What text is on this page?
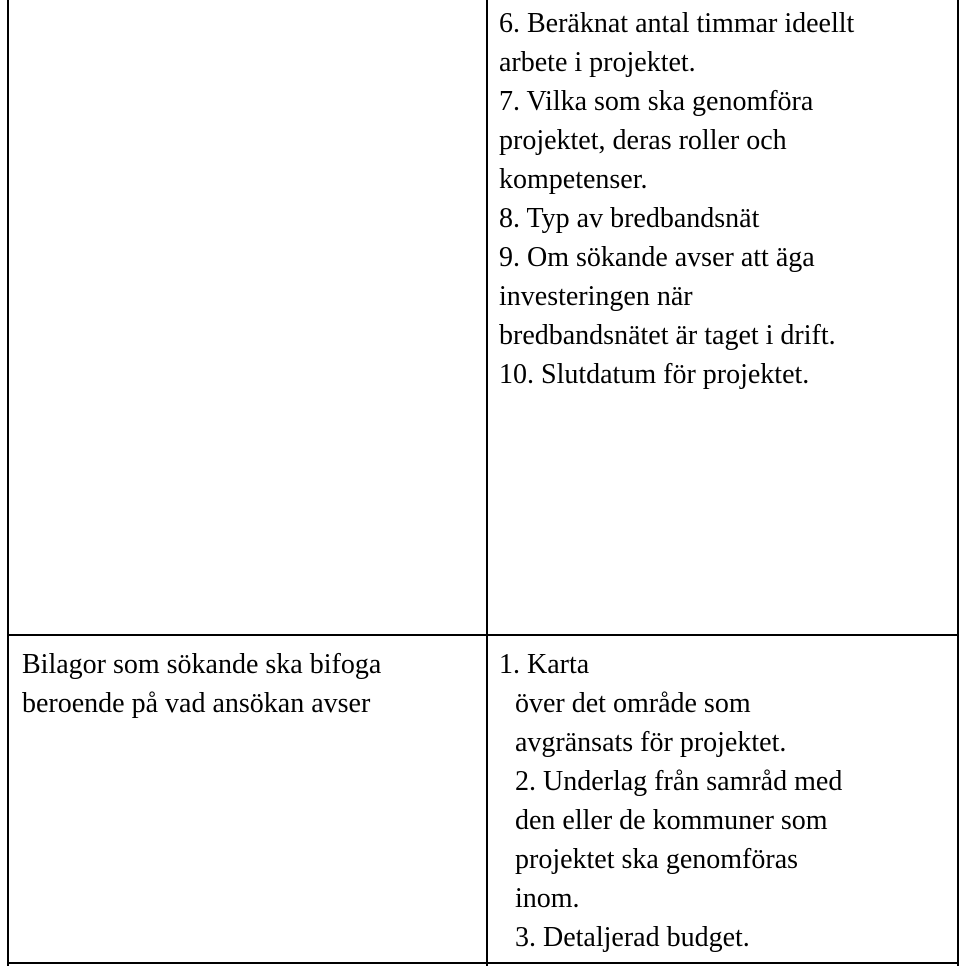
6. Beräknat antal timmar ideellt
arbete i projektet.
7. Vilka som ska genomföra
projektet, deras roller och
kompetenser.
8. Typ av bredbandsnät
9. Om sökande avser att äga
investeringen när
bredbandsnätet är taget i drift.
10. Slutdatum för projektet.
Bilagor som sökande ska bifoga
beroende på vad ansökan avser
1. Karta
över det område som
avgränsats för projektet.
2. Underlag från samråd med
den eller de kommuner som
projektet ska genomföras
inom.
3. Detaljerad budget.
